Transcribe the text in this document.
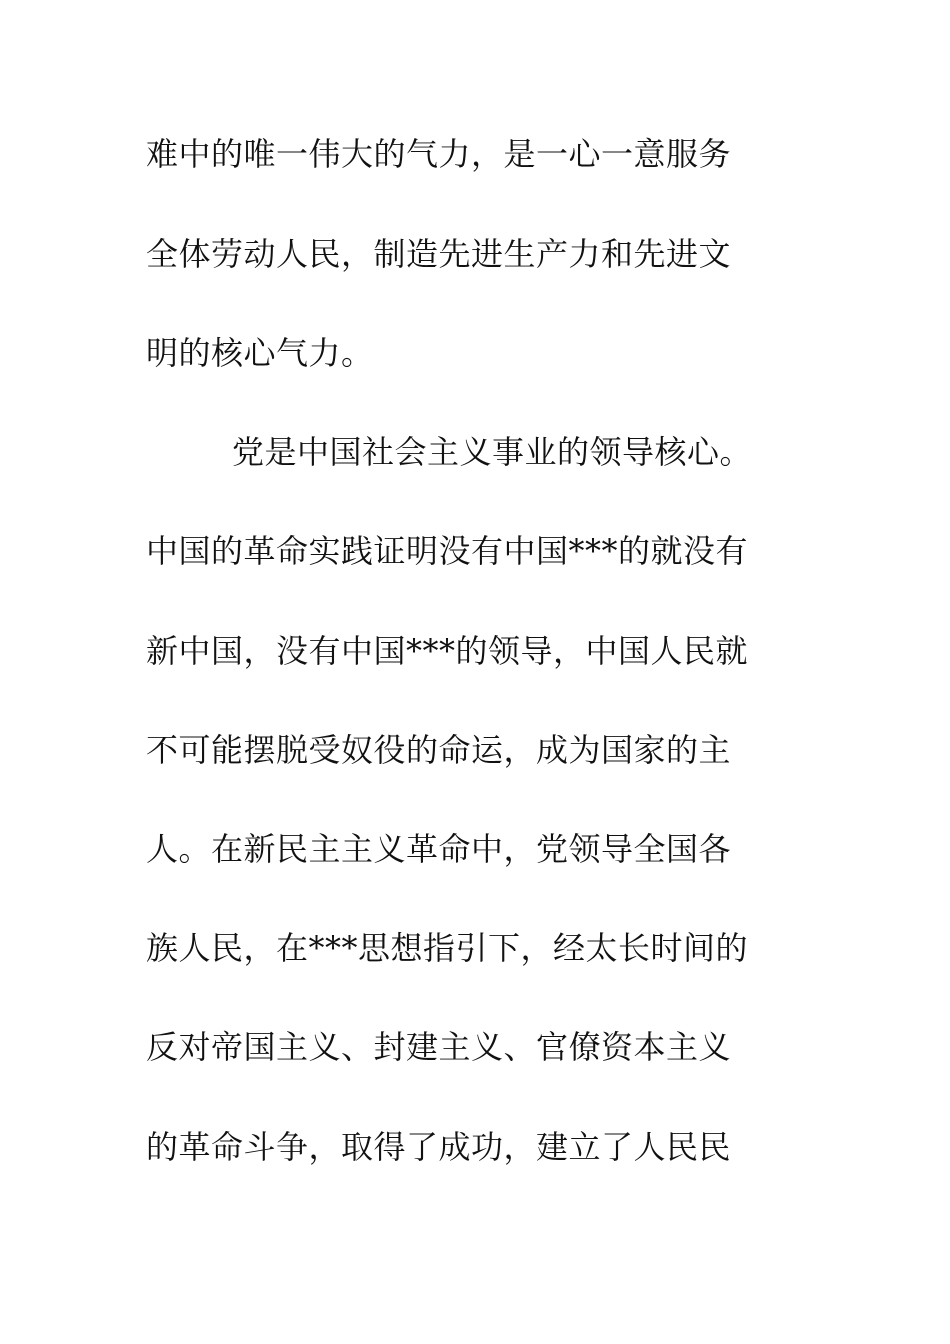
难中的唯一伟大的气力，是一心一意服务
全体劳动人民，制造先进生产力和先进文
明的核心气力。
党是中国社会主义事业的领导核心。
中国的革命实践证明没有中国***的就没有
新中国，没有中国***的领导，中国人民就
不可能摆脱受奴役的命运，成为国家的主
人。在新民主主义革命中，党领导全国各
族人民，在***思想指引下，经太长时间的
反对帝国主义、封建主义、官僚资本主义
的革命斗争，取得了成功，建立了人民民
